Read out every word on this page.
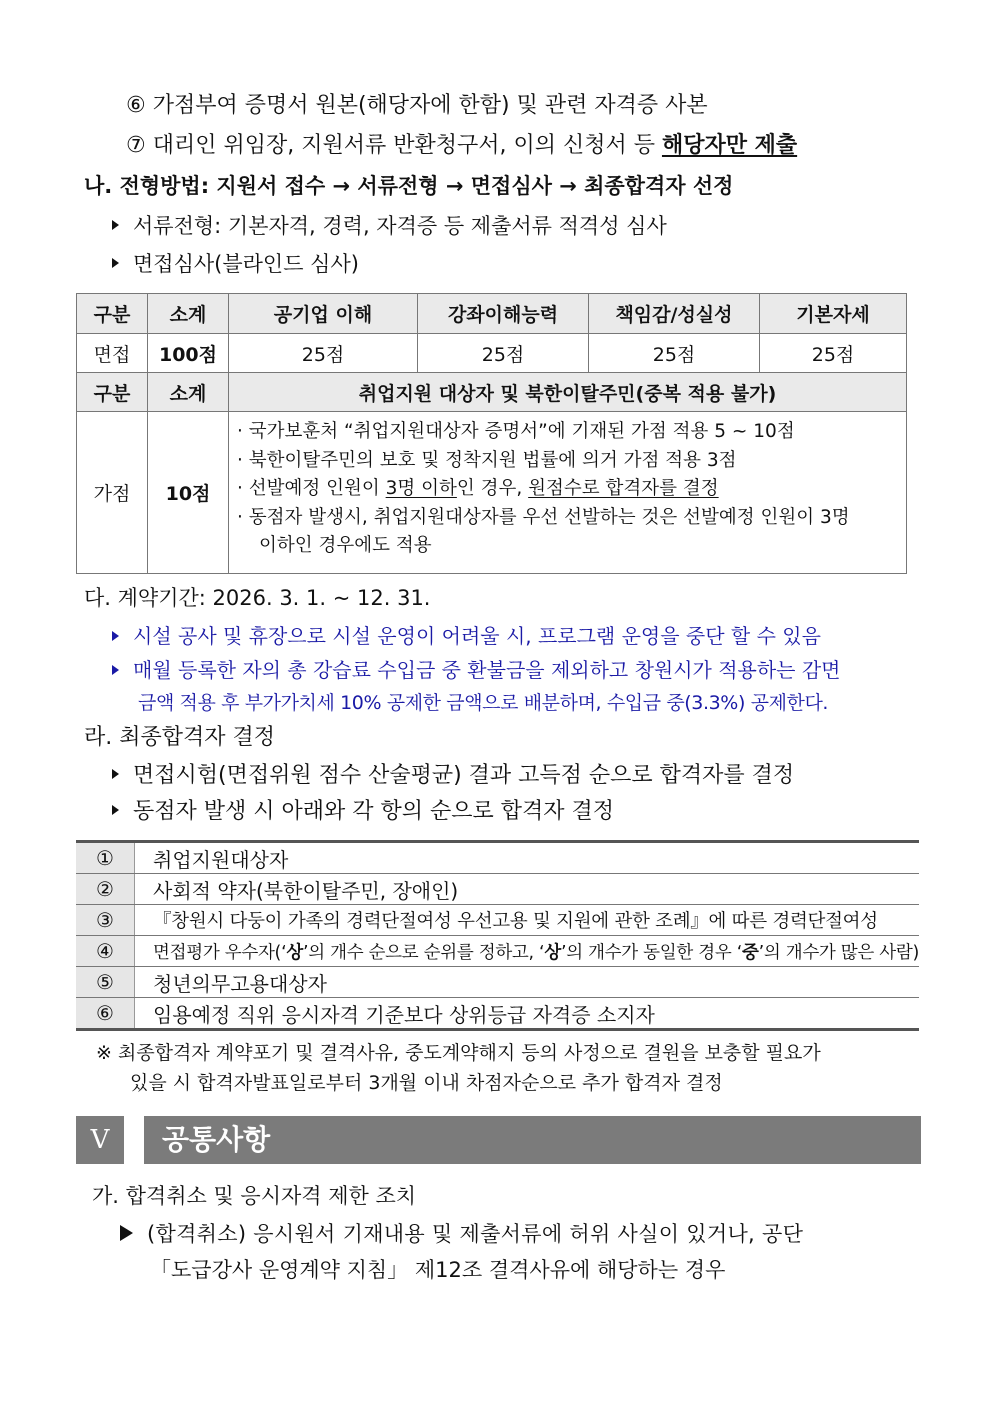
⑥ 가점부여 증명서 원본(해당자에 한함) 및 관련 자격증 사본
⑦ 대리인 위임장, 지원서류 반환청구서, 이의 신청서 등 해당자만 제출
나. 전형방법: 지원서 접수 → 서류전형 → 면접심사 → 최종합격자 선정
서류전형: 기본자격, 경력, 자격증 등 제출서류 적격성 심사
면접심사(블라인드 심사)
구분	소계	공기업 이해	강좌이해능력	책임감/성실성	기본자세
면접	100점	25점	25점	25점	25점
구분	소계	취업지원 대상자 및 북한이탈주민(중복 적용 불가)			
가점	10점	· 국가보훈처 “취업지원대상자 증명서”에 기재된 가점 적용 5 ~ 10점
· 북한이탈주민의 보호 및 정착지원 법률에 의거 가점 적용 3점
· 선발예정 인원이 3명 이하인 경우, 원점수로 합격자를 결정
· 동점자 발생시, 취업지원대상자를 우선 선발하는 것은 선발예정 인원이 3명
이하인 경우에도 적용			
다. 계약기간: 2026. 3. 1. ~ 12. 31.
시설 공사 및 휴장으로 시설 운영이 어려울 시, 프로그램 운영을 중단 할 수 있음
매월 등록한 자의 총 강습료 수입금 중 환불금을 제외하고 창원시가 적용하는 감면
금액 적용 후 부가가치세 10% 공제한 금액으로 배분하며, 수입금 중(3.3%) 공제한다.
라. 최종합격자 결정
면접시험(면접위원 점수 산술평균) 결과 고득점 순으로 합격자를 결정
동점자 발생 시 아래와 각 항의 순으로 합격자 결정
①	취업지원대상자
②	사회적 약자(북한이탈주민, 장애인)
③	『창원시 다둥이 가족의 경력단절여성 우선고용 및 지원에 관한 조례』에 따른 경력단절여성
④	면접평가 우수자(‘상’의 개수 순으로 순위를 정하고, ‘상’의 개수가 동일한 경우 ‘중’의 개수가 많은 사람)
⑤	청년의무고용대상자
⑥	임용예정 직위 응시자격 기준보다 상위등급 자격증 소지자
※ 최종합격자 계약포기 및 결격사유, 중도계약해지 등의 사정으로 결원을 보충할 필요가
있을 시 합격자발표일로부터 3개월 이내 차점자순으로 추가 합격자 결정
Ⅴ	공통사항
가. 합격취소 및 응시자격 제한 조치
(합격취소) 응시원서 기재내용 및 제출서류에 허위 사실이 있거나, 공단
「도급강사 운영계약 지침」 제12조 결격사유에 해당하는 경우
